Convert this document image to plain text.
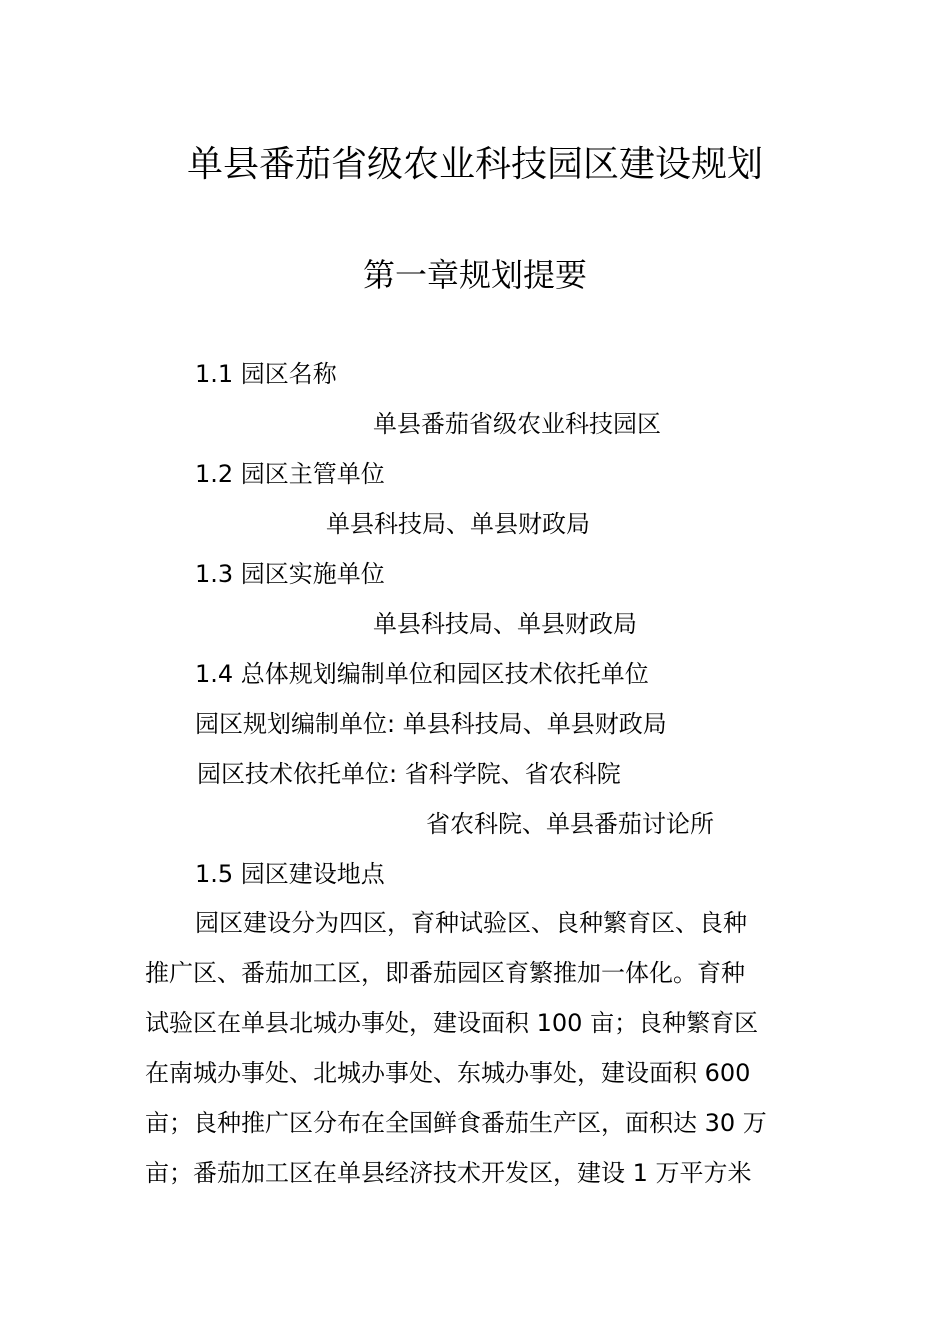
单县番茄省级农业科技园区建设规划
第一章规划提要
1.1 园区名称
单县番茄省级农业科技园区
1.2 园区主管单位
单县科技局、单县财政局
1.3 园区实施单位
单县科技局、单县财政局
1.4 总体规划编制单位和园区技术依托单位
园区规划编制单位: 单县科技局、单县财政局
园区技术依托单位: 省科学院、省农科院
省农科院、单县番茄讨论所
1.5 园区建设地点
园区建设分为四区，育种试验区、良种繁育区、良种
推广区、番茄加工区，即番茄园区育繁推加一体化。育种
试验区在单县北城办事处，建设面积 100 亩；良种繁育区
在南城办事处、北城办事处、东城办事处，建设面积 600
亩；良种推广区分布在全国鲜食番茄生产区，面积达 30 万
亩；番茄加工区在单县经济技术开发区，建设 1 万平方米
